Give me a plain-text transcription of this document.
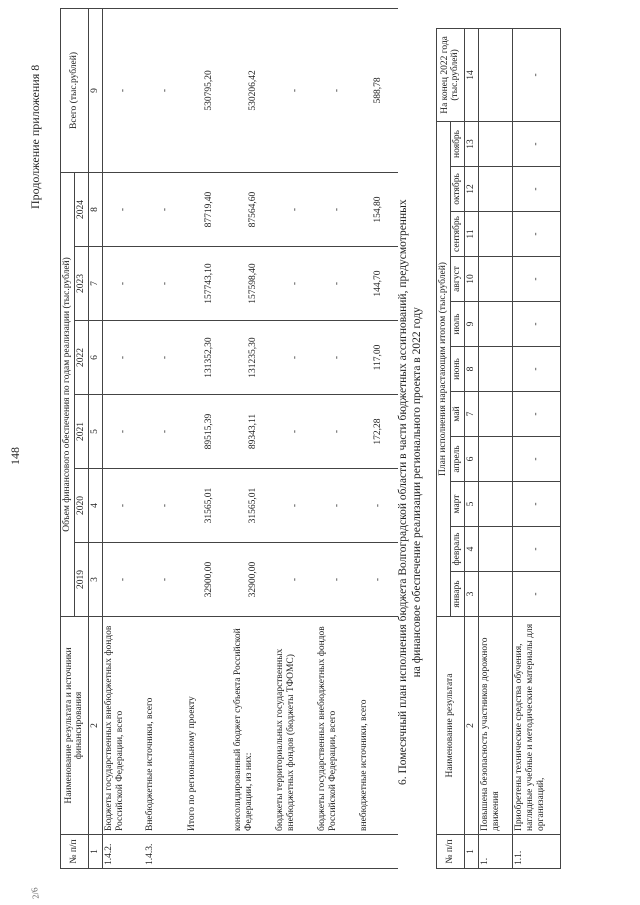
2/6
148
Продолжение приложения 8
№ п/п	Наименование результата и источники финансирования	Объем финансового обеспечения по годам реализации (тыс.рублей)						Всего (тыс.рублей)
		2019	2020	2021	2022	2023	2024	
1	2	3	4	5	6	7	8	9
1.4.2.	Бюджеты государственных внебюджетных фондов Российской Федерации, всего	-	-	-	-	-	-	-
1.4.3.	Внебюджетные источники, всего	-	-	-	-	-	-	-
	Итого по региональному проекту	32900,00	31565,01	89515,39	131352,30	157743,10	87719,40	530795,20
	консолидированный бюджет субъекта Российской Федерации, из них:	32900,00	31565,01	89343,11	131235,30	157598,40	87564,60	530206,42
	бюджеты территориальных государственных внебюджетных фондов (бюджеты ТФОМС)	-	-	-	-	-	-	-
	бюджеты государственных внебюджетных фондов Российской Федерации, всего	-	-	-	-	-	-	-
	внебюджетные источники, всего	-	-	172,28	117,00	144,70	154,80	588,78
6. Помесячный план исполнения бюджета Волгоградской области в части бюджетных ассигнований, предусмотренных на финансовое обеспечение реализации регионального проекта в 2022 году
№ п/п	Наименование результата	План исполнения нарастающим итогом (тыс.рублей)											На конец 2022 года (тыс.рублей)
		январь	февраль	март	апрель	май	июнь	июль	август	сентябрь	октябрь	ноябрь	
1	2	3	4	5	6	7	8	9	10	11	12	13	14
1.	Повышена безопасность участников дорожного движения												
1.1.	Приобретены технические средства обучения, наглядные учебные и методические материалы для организаций,	-	-	-	-	-	-	-	-	-	-	-	-
